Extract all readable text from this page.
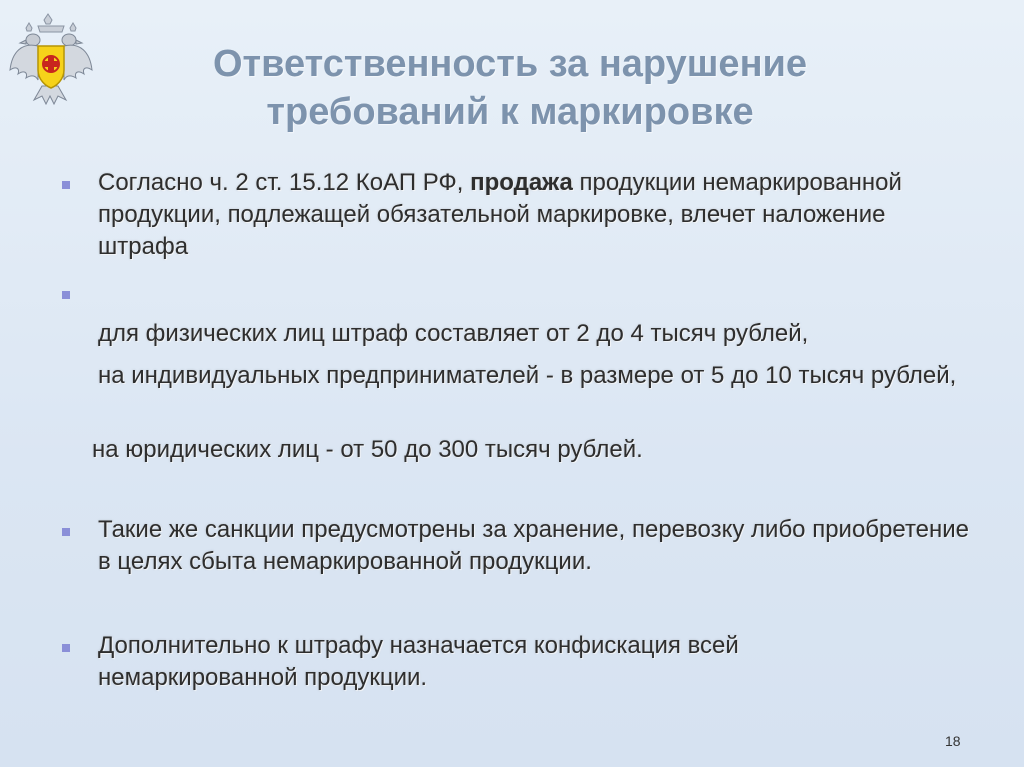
Ответственность за нарушение требований к маркировке
Согласно ч. 2 ст. 15.12 КоАП РФ, продажа продукции немаркированной продукции, подлежащей обязательной маркировке, влечет наложение штрафа
для физических лиц штраф составляет от 2 до 4 тысяч рублей,
на индивидуальных предпринимателей - в размере от 5 до 10 тысяч рублей,
на юридических лиц - от 50 до 300 тысяч рублей.
Такие же санкции предусмотрены за хранение, перевозку либо приобретение в целях сбыта немаркированной продукции.
Дополнительно к штрафу назначается конфискация всей немаркированной продукции.
18
